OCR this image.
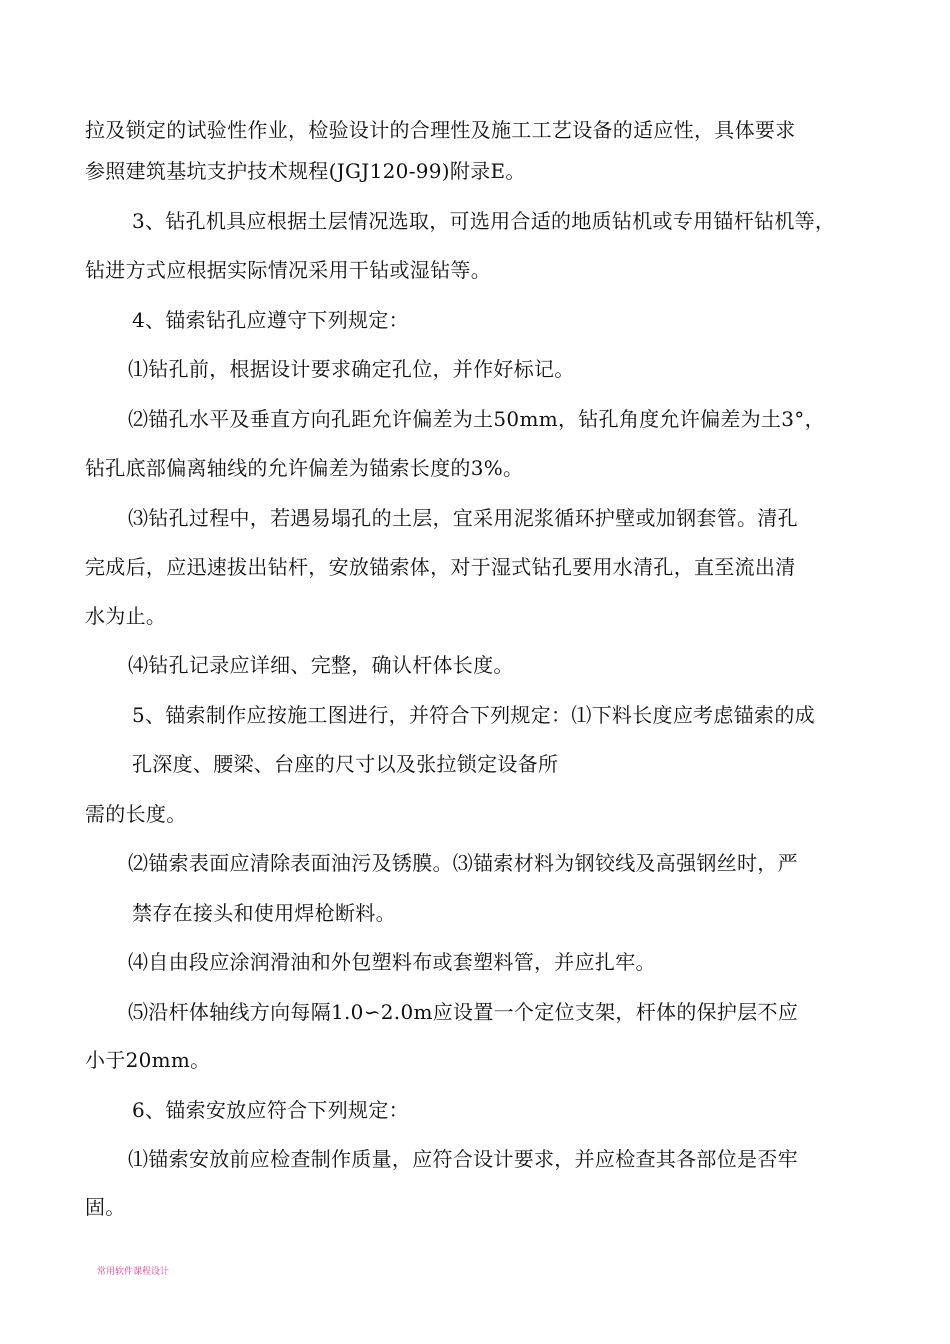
拉及锁定的试验性作业，检验设计的合理性及施工工艺设备的适应性，具体要求
参照建筑基坑支护技术规程(JGJ120-99)附录E。
3、钻孔机具应根据土层情况选取，可选用合适的地质钻机或专用锚杆钻机等，
钻进方式应根据实际情况采用干钻或湿钻等。
4、锚索钻孔应遵守下列规定：
⑴钻孔前，根据设计要求确定孔位，并作好标记。
⑵锚孔水平及垂直方向孔距允许偏差为土50mm，钻孔角度允许偏差为土3°，
钻孔底部偏离轴线的允许偏差为锚索长度的3%。
⑶钻孔过程中，若遇易塌孔的土层，宜采用泥浆循环护壁或加钢套管。清孔
完成后，应迅速拔出钻杆，安放锚索体，对于湿式钻孔要用水清孔，直至流出清
水为止。
⑷钻孔记录应详细、完整，确认杆体长度。
5、锚索制作应按施工图进行，并符合下列规定：⑴下料长度应考虑锚索的成
孔深度、腰梁、台座的尺寸以及张拉锁定设备所
需的长度。
⑵锚索表面应清除表面油污及锈膜。⑶锚索材料为钢铰线及高强钢丝时，严
禁存在接头和使用焊枪断料。
⑷自由段应涂润滑油和外包塑料布或套塑料管，并应扎牢。
⑸沿杆体轴线方向每隔1.0∽2.0m应设置一个定位支架，杆体的保护层不应
小于20mm。
6、锚索安放应符合下列规定：
⑴锚索安放前应检查制作质量，应符合设计要求，并应检查其各部位是否牢
固。
常用软件课程设计
